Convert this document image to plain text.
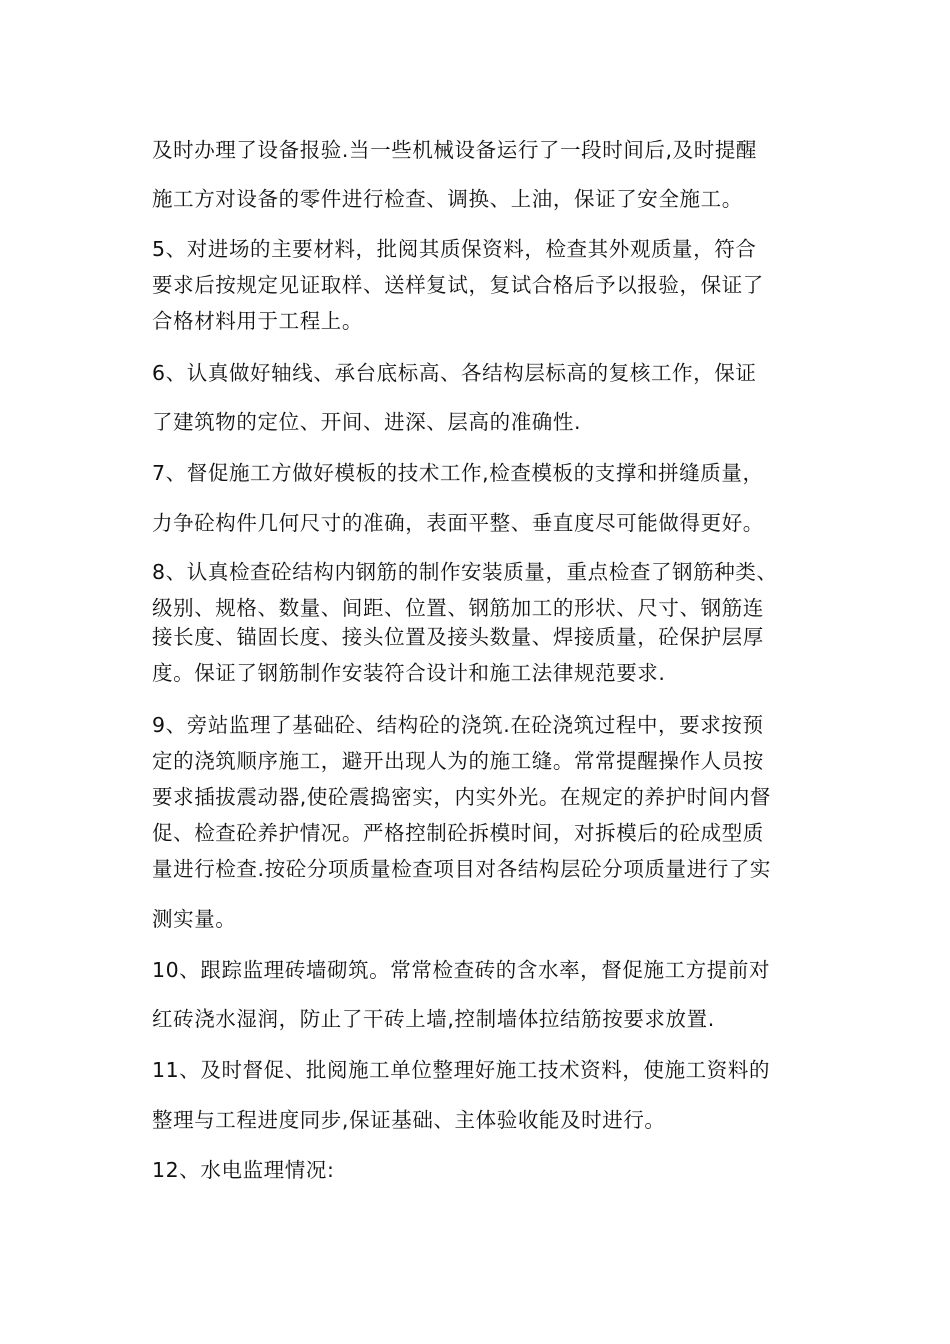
及时办理了设备报验.当一些机械设备运行了一段时间后,及时提醒
施工方对设备的零件进行检查、调换、上油，保证了安全施工。
5、对进场的主要材料，批阅其质保资料，检查其外观质量，符合
要求后按规定见证取样、送样复试，复试合格后予以报验，保证了
合格材料用于工程上。
6、认真做好轴线、承台底标高、各结构层标高的复核工作，保证
了建筑物的定位、开间、进深、层高的准确性.
7、督促施工方做好模板的技术工作,检查模板的支撑和拼缝质量，
力争砼构件几何尺寸的准确，表面平整、垂直度尽可能做得更好。
8、认真检查砼结构内钢筋的制作安装质量，重点检查了钢筋种类、
级别、规格、数量、间距、位置、钢筋加工的形状、尺寸、钢筋连
接长度、锚固长度、接头位置及接头数量、焊接质量，砼保护层厚
度。保证了钢筋制作安装符合设计和施工法律规范要求.
9、旁站监理了基础砼、结构砼的浇筑.在砼浇筑过程中，要求按预
定的浇筑顺序施工，避开出现人为的施工缝。常常提醒操作人员按
要求插拔震动器,使砼震捣密实，内实外光。在规定的养护时间内督
促、检查砼养护情况。严格控制砼拆模时间，对拆模后的砼成型质
量进行检查.按砼分项质量检查项目对各结构层砼分项质量进行了实
测实量。
10、跟踪监理砖墙砌筑。常常检查砖的含水率，督促施工方提前对
红砖浇水湿润，防止了干砖上墙,控制墙体拉结筋按要求放置.
11、及时督促、批阅施工单位整理好施工技术资料，使施工资料的
整理与工程进度同步,保证基础、主体验收能及时进行。
12、水电监理情况:
